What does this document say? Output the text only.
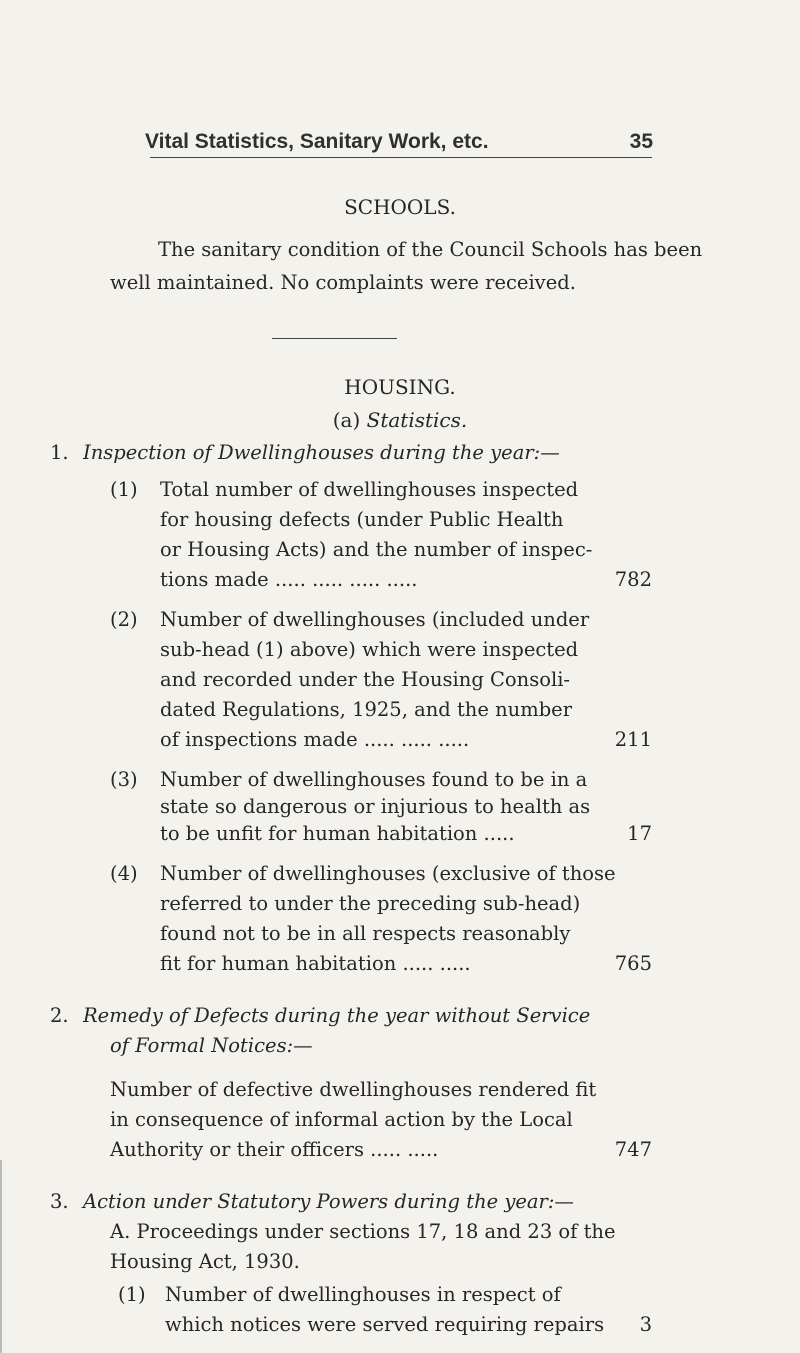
Vital Statistics, Sanitary Work, etc.	35
SCHOOLS.
The sanitary condition of the Council Schools has been
well maintained. No complaints were received.
HOUSING.
(a) Statistics.
1. Inspection of Dwellinghouses during the year:—
(1) Total number of dwellinghouses inspected
for housing defects (under Public Health
or Housing Acts) and the number of inspec-
tions made ..... ..... ..... .....	782
(2) Number of dwellinghouses (included under
sub-head (1) above) which were inspected
and recorded under the Housing Consoli-
dated Regulations, 1925, and the number
of inspections made ..... ..... .....	211
(3) Number of dwellinghouses found to be in a
state so dangerous or injurious to health as
to be unfit for human habitation .....	17
(4) Number of dwellinghouses (exclusive of those
referred to under the preceding sub-head)
found not to be in all respects reasonably
fit for human habitation ..... .....	765
2. Remedy of Defects during the year without Service
of Formal Notices:—
Number of defective dwellinghouses rendered fit
in consequence of informal action by the Local
Authority or their officers ..... .....	747
3. Action under Statutory Powers during the year:—
A. Proceedings under sections 17, 18 and 23 of the
Housing Act, 1930.
(1) Number of dwellinghouses in respect of
which notices were served requiring repairs	3
